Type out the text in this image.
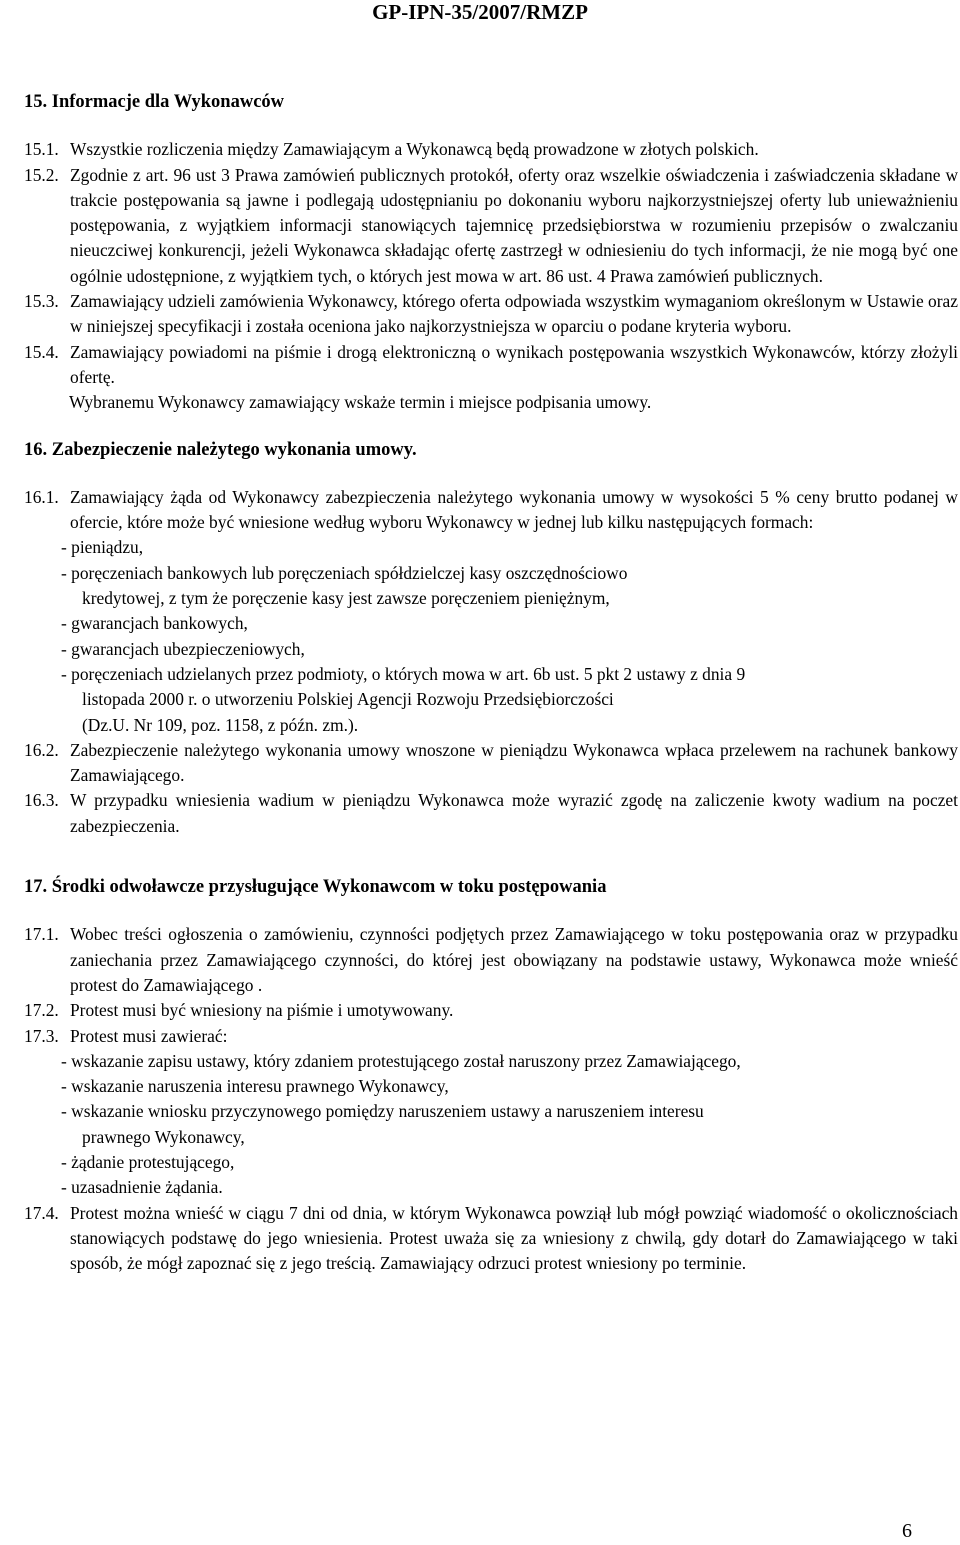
GP-IPN-35/2007/RMZP

15. Informacje dla Wykonawców

15.1. Wszystkie rozliczenia między Zamawiającym a Wykonawcą będą prowadzone w złotych polskich.
15.2. Zgodnie z art. 96 ust 3 Prawa zamówień publicznych protokół, oferty oraz wszelkie oświadczenia i zaświadczenia składane w trakcie postępowania są jawne i podlegają udostępnianiu po dokonaniu wyboru najkorzystniejszej oferty lub unieważnieniu postępowania, z wyjątkiem informacji stanowiących tajemnicę przedsiębiorstwa w rozumieniu przepisów o zwalczaniu nieuczciwej konkurencji, jeżeli Wykonawca składając ofertę zastrzegł w odniesieniu do tych informacji, że nie mogą być one ogólnie udostępnione, z wyjątkiem tych, o których jest mowa w art. 86 ust. 4 Prawa zamówień publicznych.
15.3. Zamawiający udzieli zamówienia Wykonawcy, którego oferta odpowiada wszystkim wymaganiom określonym w Ustawie oraz w niniejszej specyfikacji i została oceniona jako najkorzystniejsza w oparciu o podane kryteria wyboru.
15.4. Zamawiający powiadomi na piśmie i drogą elektroniczną o wynikach postępowania wszystkich Wykonawców, którzy złożyli ofertę.

Wybranemu Wykonawcy zamawiający wskaże termin i miejsce podpisania umowy.

16. Zabezpieczenie należytego wykonania umowy.

16.1. Zamawiający żąda od Wykonawcy zabezpieczenia należytego wykonania umowy w wysokości 5 % ceny brutto podanej w ofercie, które może być wniesione według wyboru Wykonawcy w jednej lub kilku następujących formach:

- pieniądzu,

- poręczeniach bankowych lub poręczeniach spółdzielczej kasy oszczędnościowo

kredytowej, z tym że poręczenie kasy jest zawsze poręczeniem pieniężnym,

- gwarancjach bankowych,

- gwarancjach ubezpieczeniowych,

- poręczeniach udzielanych przez podmioty, o których mowa w art. 6b ust. 5 pkt 2 ustawy z dnia 9

listopada 2000 r. o utworzeniu Polskiej Agencji Rozwoju Przedsiębiorczości

(Dz.U. Nr 109, poz. 1158, z późn. zm.).

16.2. Zabezpieczenie należytego wykonania umowy wnoszone w pieniądzu Wykonawca wpłaca przelewem na rachunek bankowy Zamawiającego.
16.3. W przypadku wniesienia wadium w pieniądzu Wykonawca może wyrazić zgodę na zaliczenie kwoty wadium na poczet zabezpieczenia.

17. Środki odwoławcze przysługujące Wykonawcom w toku postępowania

17.1. Wobec treści ogłoszenia o zamówieniu, czynności podjętych przez Zamawiającego w toku postępowania oraz w przypadku zaniechania przez Zamawiającego czynności, do której jest obowiązany na podstawie ustawy, Wykonawca może wnieść protest do Zamawiającego .
17.2. Protest musi być wniesiony na piśmie i umotywowany.
17.3. Protest musi zawierać:

- wskazanie zapisu ustawy, który zdaniem protestującego został naruszony przez Zamawiającego,

- wskazanie naruszenia interesu prawnego Wykonawcy,

- wskazanie wniosku przyczynowego pomiędzy naruszeniem ustawy a naruszeniem interesu

prawnego Wykonawcy,

- żądanie protestującego,

- uzasadnienie żądania.

17.4. Protest można wnieść w ciągu 7 dni od dnia, w którym Wykonawca powziął lub mógł powziąć wiadomość o okolicznościach stanowiących podstawę do jego wniesienia. Protest uważa się za wniesiony z chwilą, gdy dotarł do Zamawiającego w taki sposób, że mógł zapoznać się z jego treścią. Zamawiający odrzuci protest wniesiony po terminie.
6
